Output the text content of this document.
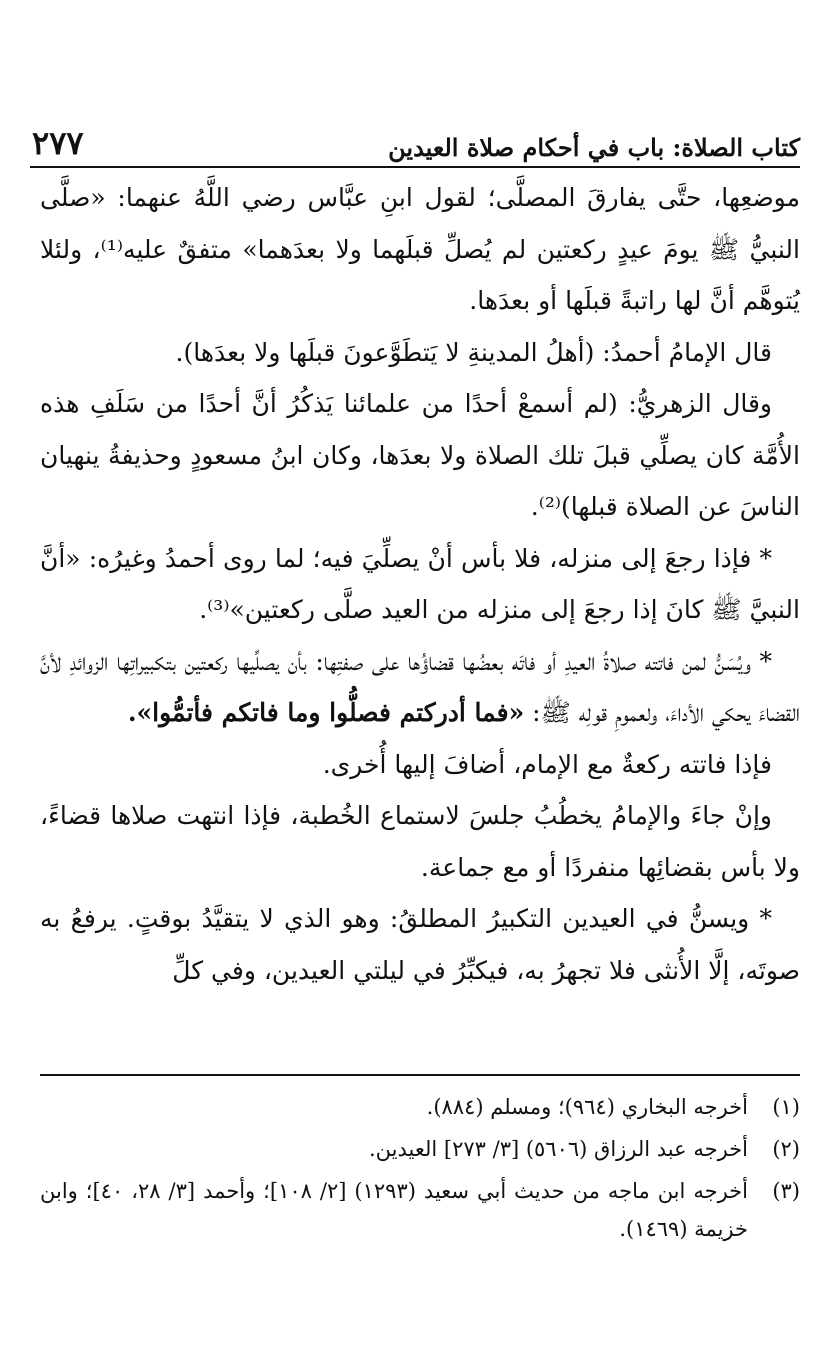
كتاب الصلاة: باب في أحكام صلاة العيدين
٢٧٧

موضعِها، حتَّى يفارقَ المصلَّى؛ لقول ابنِ عبَّاس رضي اللَّهُ عنهما: «صلَّى النبيُّ ﷺ يومَ عيدٍ ركعتين لم يُصلِّ قبلَهما ولا بعدَهما» متفقٌ عليه⁽¹⁾، ولئلا يُتوهَّم أنَّ لها راتبةً قبلَها أو بعدَها.

قال الإمامُ أحمدُ: (أهلُ المدينةِ لا يَتطَوَّعونَ قبلَها ولا بعدَها).

وقال الزهريُّ: (لم أسمعْ أحدًا من علمائنا يَذكُرُ أنَّ أحدًا من سَلَفِ هذه الأُمَّة كان يصلِّي قبلَ تلك الصلاة ولا بعدَها، وكان ابنُ مسعودٍ وحذيفةُ ينهيان الناسَ عن الصلاة قبلها)⁽²⁾.

* فإذا رجعَ إلى منزله، فلا بأس أنْ يصلِّيَ فيه؛ لما روى أحمدُ وغيرُه: «أنَّ النبيَّ ﷺ كانَ إذا رجعَ إلى منزله من العيد صلَّى ركعتين»⁽³⁾.

* ويُسَنُّ لمن فاتته صلاةُ العيدِ أو فاتَه بعضُها قضاؤُها على صفتِها: بأن يصلِّيها ركعتين بتكبيراتِها الزوائدِ لأنَّ القضاءَ يحكي الأداءَ، ولعمومِ قولِه ﷺ: «فما أدركتم فصلُّوا وما فاتكم فأتمُّوا».

فإذا فاتته ركعةٌ مع الإمام، أضافَ إليها أُخرى.

وإنْ جاءَ والإمامُ يخطُبُ جلسَ لاستماع الخُطبة، فإذا انتهت صلاها قضاءً، ولا بأس بقضائِها منفردًا أو مع جماعة.

* ويسنُّ في العيدين التكبيرُ المطلقُ: وهو الذي لا يتقيَّدُ بوقتٍ. يرفعُ به صوتَه، إلَّا الأُنثى فلا تجهرُ به، فيكبِّرُ في ليلتي العيدين، وفي كلِّ

(١)
أخرجه البخاري (٩٦٤)؛ ومسلم (٨٨٤).
(٢)
أخرجه عبد الرزاق (٥٦٠٦) [٣/ ٢٧٣] العيدين.
(٣)
أخرجه ابن ماجه من حديث أبي سعيد (١٢٩٣) [٢/ ١٠٨]؛ وأحمد [٣/ ٢٨، ٤٠]؛ وابن خزيمة (١٤٦٩).
